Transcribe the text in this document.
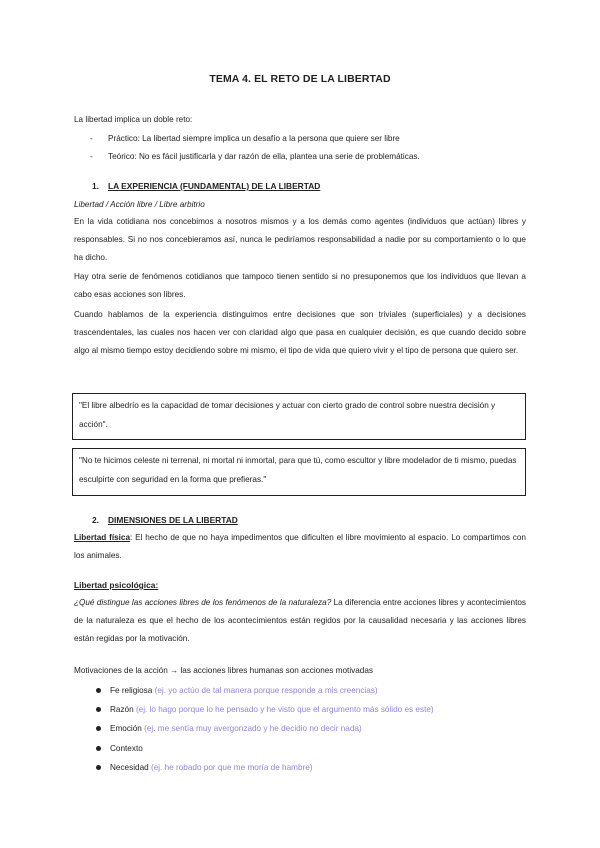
TEMA 4. EL RETO DE LA LIBERTAD
La libertad implica un doble reto:
- Práctico: La libertad siempre implica un desafío a la persona que quiere ser libre
- Teórico: No es fácil justificarla y dar razón de ella, plantea una serie de problemáticas.
1. LA EXPERIENCIA (FUNDAMENTAL) DE LA LIBERTAD
Libertad / Acción libre / Libre arbitrio
En la vida cotidiana nos concebimos a nosotros mismos y a los demás como agentes (individuos que actúan) libres y responsables. Si no nos concebieramos así, nunca le pediríamos responsabilidad a nadie por su comportamiento o lo que ha dicho.
Hay otra serie de fenómenos cotidianos que tampoco tienen sentido si no presuponemos que los individuos que llevan a cabo esas acciones son libres.
Cuando hablamos de la experiencia distinguimos entre decisiones que son triviales (superficiales) y a decisiones trascendentales, las cuales nos hacen ver con claridad algo que pasa en cualquier decisión, es que cuando decido sobre algo al mismo tiempo estoy decidiendo sobre mi mismo, el tipo de vida que quiero vivir y el tipo de persona que quiero ser.
"El libre albedrío es la capacidad de tomar decisiones y actuar con cierto grado de control sobre nuestra decisión y acción".
"No te hicimos celeste ni terrenal, ni mortal ni inmortal, para que tú, como escultor y libre modelador de ti mismo, puedas esculpirte con seguridad en la forma que prefieras."
2. DIMENSIONES DE LA LIBERTAD
Libertad física: El hecho de que no haya impedimentos que dificulten el libre movimiento al espacio. Lo compartimos con los animales.
Libertad psicológica:
¿Qué distingue las acciones libres de los fenómenos de la naturaleza? La diferencia entre acciones libres y acontecimientos de la naturaleza es que el hecho de los acontecimientos están regidos por la causalidad necesaria y las acciones libres están regidas por la motivación.
Motivaciones de la acción → las acciones libres humanas son acciones motivadas
Fe religiosa (ej. yo actúo de tal manera porque responde a mis creencias)
Razón (ej. lo hago porque lo he pensado y he visto que el argumento más sólido es este)
Emoción (ej. me sentía muy avergonzado y he decidio no decir nada)
Contexto
Necesidad (ej. he robado por que me moría de hambre)
